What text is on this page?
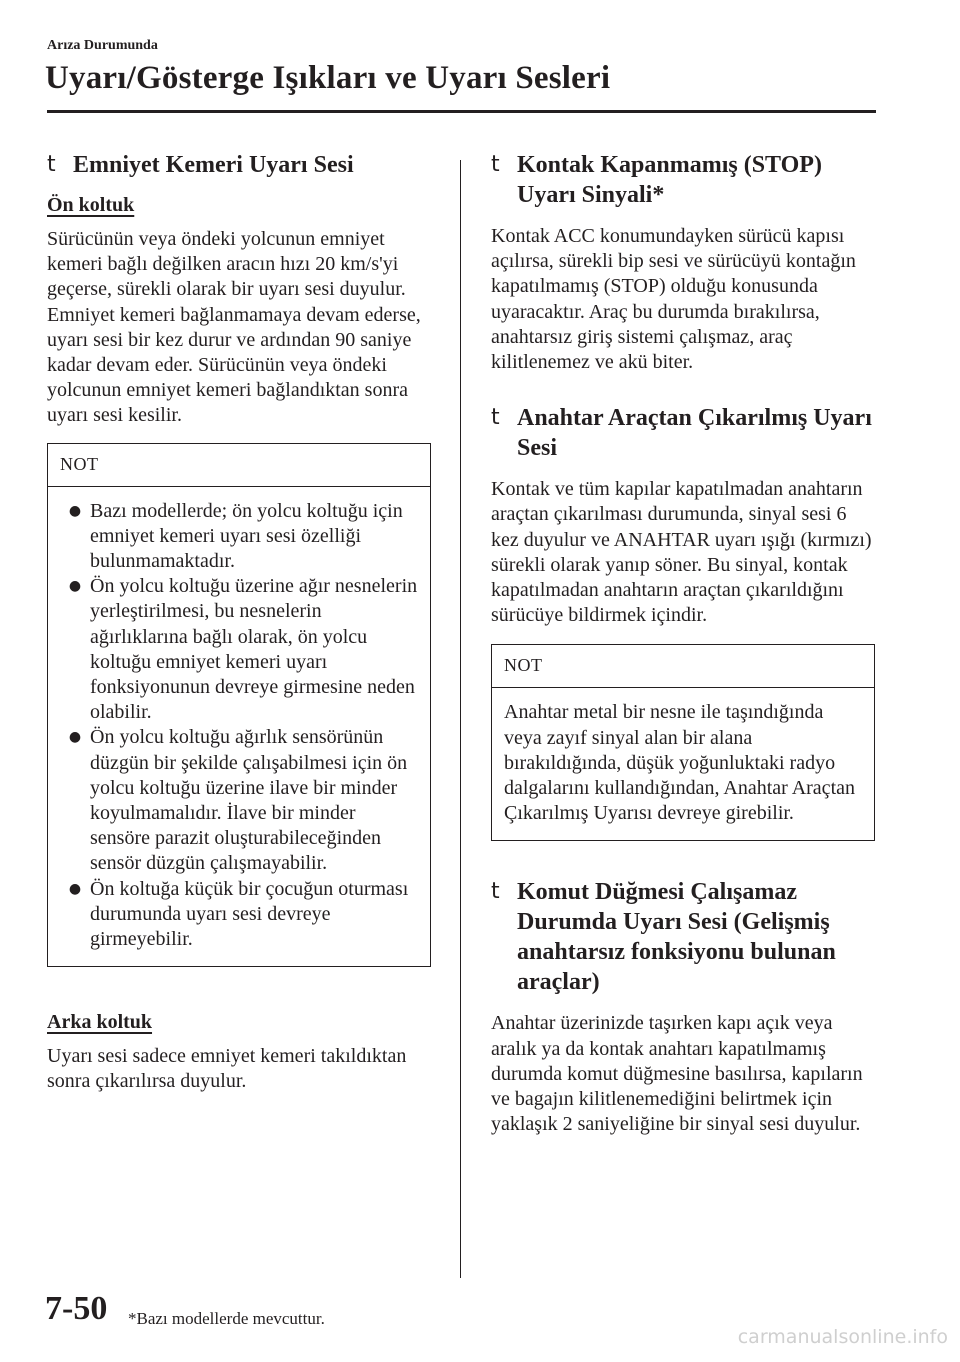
Arıza Durumunda
Uyarı/Gösterge Işıkları ve Uyarı Sesleri
t Emniyet Kemeri Uyarı Sesi
Ön koltuk

Sürücünün veya öndeki yolcunun emniyet kemeri bağlı değilken aracın hızı 20 km/s'yi geçerse, sürekli olarak bir uyarı sesi duyulur. Emniyet kemeri bağlanmamaya devam ederse, uyarı sesi bir kez durur ve ardından 90 saniye kadar devam eder. Sürücünün veya öndeki yolcunun emniyet kemeri bağlandıktan sonra uyarı sesi kesilir.

NOT
● Bazı modellerde; ön yolcu koltuğu için emniyet kemeri uyarı sesi özelliği bulunmamaktadır.
● Ön yolcu koltuğu üzerine ağır nesnelerin yerleştirilmesi, bu nesnelerin ağırlıklarına bağlı olarak, ön yolcu koltuğu emniyet kemeri uyarı fonksiyonunun devreye girmesine neden olabilir.
● Ön yolcu koltuğu ağırlık sensörünün düzgün bir şekilde çalışabilmesi için ön yolcu koltuğu üzerine ilave bir minder koyulmamalıdır. İlave bir minder sensöre parazit oluşturabileceğinden sensör düzgün çalışmayabilir.
● Ön koltuğa küçük bir çocuğun oturması durumunda uyarı sesi devreye girmeyebilir.
Arka koltuk

Uyarı sesi sadece emniyet kemeri takıldıktan sonra çıkarılırsa duyulur.

t Kontak Kapanmamış (STOP) Uyarı Sinyali*

Kontak ACC konumundayken sürücü kapısı açılırsa, sürekli bip sesi ve sürücüyü kontağın kapatılmamış (STOP) olduğu konusunda uyaracaktır. Araç bu durumda bırakılırsa, anahtarsız giriş sistemi çalışmaz, araç kilitlenemez ve akü biter.

t Anahtar Araçtan Çıkarılmış Uyarı Sesi

Kontak ve tüm kapılar kapatılmadan anahtarın araçtan çıkarılması durumunda, sinyal sesi 6 kez duyulur ve ANAHTAR uyarı ışığı (kırmızı) sürekli olarak yanıp söner. Bu sinyal, kontak kapatılmadan anahtarın araçtan çıkarıldığını sürücüye bildirmek içindir.

NOT

Anahtar metal bir nesne ile taşındığında veya zayıf sinyal alan bir alana bırakıldığında, düşük yoğunluktaki radyo dalgalarını kullandığından, Anahtar Araçtan Çıkarılmış Uyarısı devreye girebilir.

t Komut Düğmesi Çalışamaz Durumda Uyarı Sesi (Gelişmiş anahtarsız fonksiyonu bulunan araçlar)

Anahtar üzerinizde taşırken kapı açık veya aralık ya da kontak anahtarı kapatılmamış durumda komut düğmesine basılırsa, kapıların ve bagajın kilitlenemediğini belirtmek için yaklaşık 2 saniyeliğine bir sinyal sesi duyulur.

7-50 *Bazı modellerde mevcuttur.
carmanualsonline.info
